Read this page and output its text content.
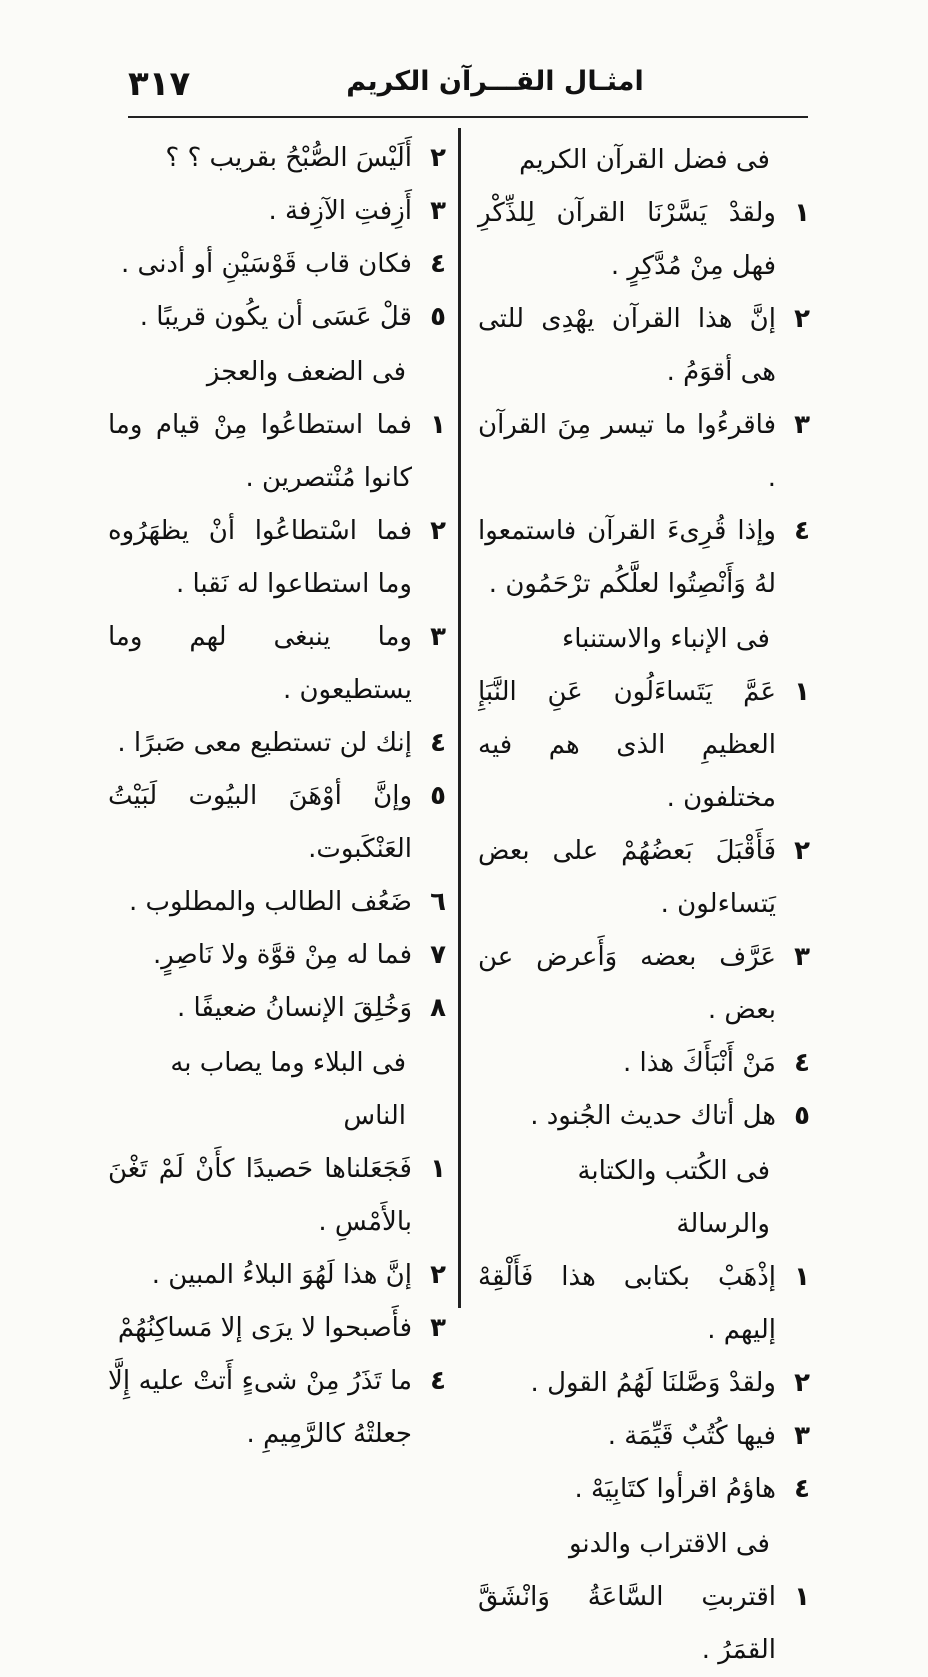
٣١٧	امثـال القـــرآن الكريم
فى فضل القرآن الكريم
١
ولقدْ يَسَّرْنَا القرآن لِلذِّكْرِ فهل مِنْ مُدَّكِرٍ .
٢
إنَّ هذا القرآن يهْدِى للتى هى أقوَمُ .
٣
فاقرءُوا ما تيسر مِنَ القرآن .
٤
وإذا قُرِىءَ القرآن فاستمعوا لهُ وَأَنْصِتُوا لعلَّكُم ترْحَمُون .
فى الإنباء والاستنباء
١
عَمَّ يَتَساءَلُون عَنِ النَّبَإِ العظيمِ الذى هم فيه مختلفون .
٢
فَأَقْبَلَ بَعضُهُمْ على بعض يَتساءلون .
٣
عَرَّف بعضه وَأَعرض عن بعض .
٤
مَنْ أَنْبَأَكَ هذا .
٥
هل أتاك حديث الجُنود .
فى الكُتب والكتابة والرسالة
١
إذْهَبْ بكتابى هذا فَأَلْقِهْ إليهم .
٢
ولقدْ وَصَّلنَا لَهُمُ القول .
٣
فيها كُتُبٌ قَيِّمَة .
٤
هاؤمُ اقرأوا كتَابِيَهْ .
فى الاقتراب والدنو
١
اقتربتِ السَّاعَةُ وَانْشَقَّ القمَرُ .
٢
أَلَيْسَ الصُّبْحُ بقريب ؟ ؟
٣
أَزِفتِ الآزِفة .
٤
فكان قاب قَوْسَيْنِ أو أدنى .
٥
قلْ عَسَى أن يكُون قريبًا .
فى الضعف والعجز
١
فما استطاعُوا مِنْ قيام وما كانوا مُنْتصرين .
٢
فما اسْتطاعُوا أنْ يظهَرُوه وما استطاعوا له نَقبا .
٣
وما ينبغى لهم وما يستطيعون .
٤
إنك لن تستطيع معى صَبرًا .
٥
وإنَّ أوْهَنَ البيُوت لَبَيْتُ العَنْكَبوت.
٦
ضَعُف الطالب والمطلوب .
٧
فما له مِنْ قوَّة ولا نَاصِرٍ.
٨
وَخُلِقَ الإنسانُ ضعيفًا .
فى البلاء وما يصاب به الناس
١
فَجَعَلناها حَصيدًا كأَنْ لَمْ تَغْنَ بالأَمْسِ .
٢
إنَّ هذا لَهُوَ البلاءُ المبين .
٣
فأَصبحوا لا يرَى إلا مَساكِنُهُمْ
٤
ما تَذَرُ مِنْ شىءٍ أَتتْ عليه إِلَّا جعلتْهُ كالرَّمِيمِ .
